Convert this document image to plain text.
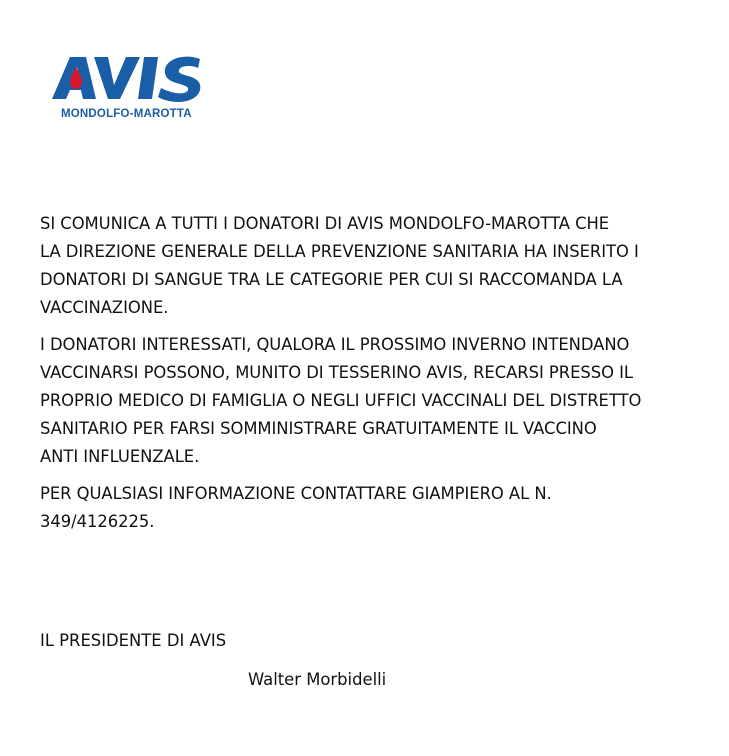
MONDOLFO-MAROTTA

SI COMUNICA A TUTTI I DONATORI DI AVIS MONDOLFO-MAROTTA CHE
LA DIREZIONE GENERALE DELLA PREVENZIONE SANITARIA HA INSERITO I
DONATORI DI SANGUE TRA LE CATEGORIE PER CUI SI RACCOMANDA LA
VACCINAZIONE.

I DONATORI INTERESSATI, QUALORA IL PROSSIMO INVERNO INTENDANO
VACCINARSI POSSONO, MUNITO DI TESSERINO AVIS, RECARSI PRESSO IL
PROPRIO MEDICO DI FAMIGLIA O NEGLI UFFICI VACCINALI DEL DISTRETTO
SANITARIO PER FARSI SOMMINISTRARE GRATUITAMENTE IL VACCINO
ANTI INFLUENZALE.

PER QUALSIASI INFORMAZIONE CONTATTARE GIAMPIERO AL N.
349/4126225.

IL PRESIDENTE DI AVIS
Walter Morbidelli
